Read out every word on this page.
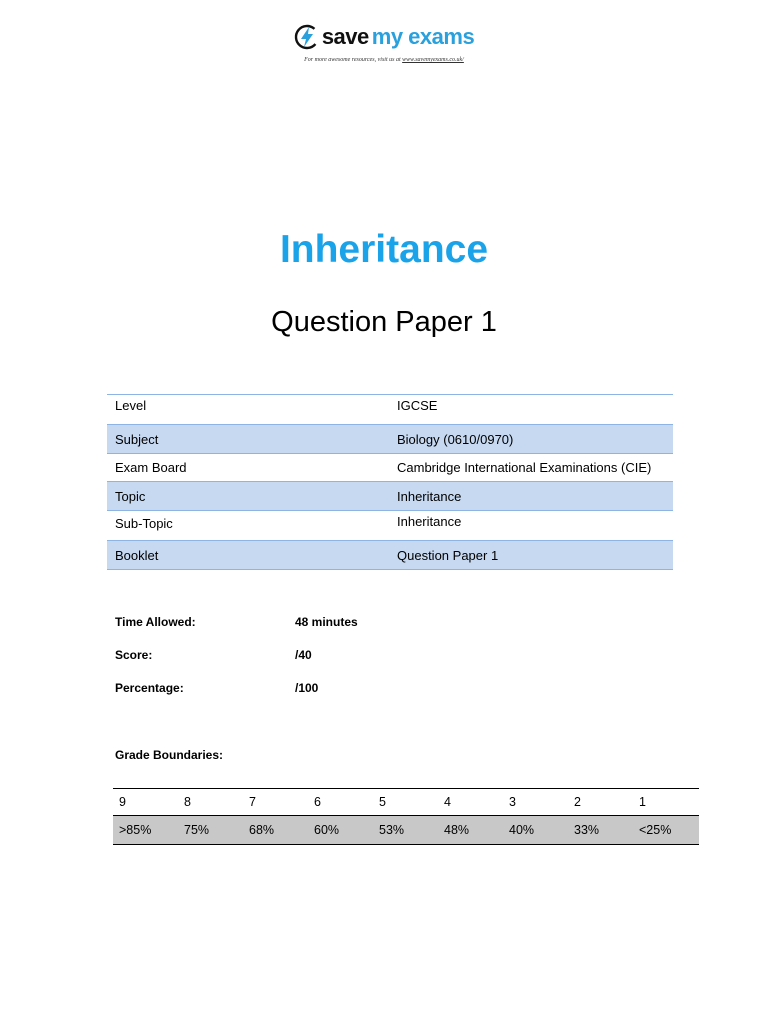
save my exams
For more awesome resources, visit us at www.savemyexams.co.uk/
Inheritance
Question Paper 1
Level	IGCSE
Subject	Biology (0610/0970)
Exam Board	Cambridge International Examinations (CIE)
Topic	Inheritance
Sub-Topic	Inheritance
Booklet	Question Paper 1
Time Allowed:	48 minutes
Score:	/40
Percentage:	/100
Grade Boundaries:
9	8	7	6	5	4	3	2	1
>85%	75%	68%	60%	53%	48%	40%	33%	<25%
